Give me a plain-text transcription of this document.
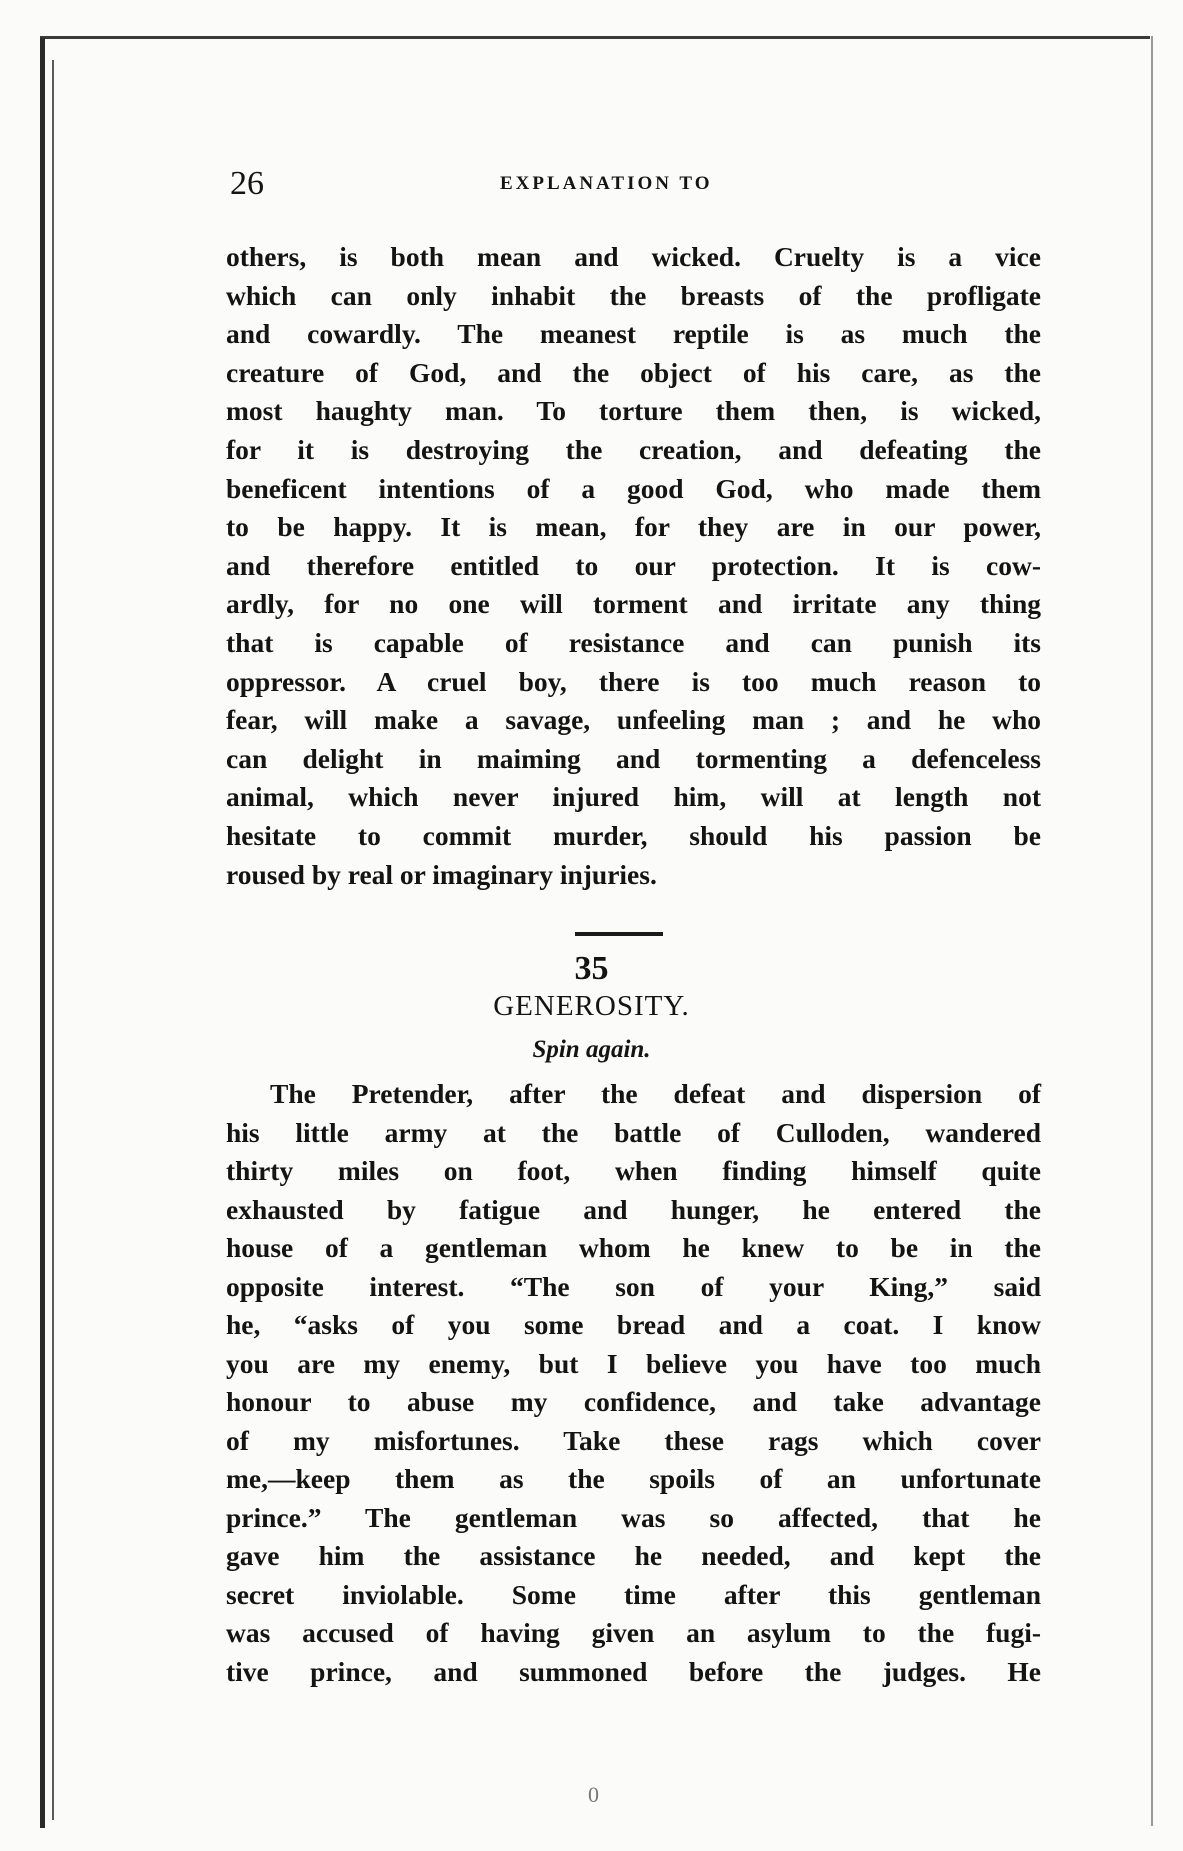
26	EXPLANATION TO
others, is both mean and wicked. Cruelty is a vice
which can only inhabit the breasts of the profligate
and cowardly. The meanest reptile is as much the
creature of God, and the object of his care, as the
most haughty man. To torture them then, is wicked,
for it is destroying the creation, and defeating the
beneficent intentions of a good God, who made them
to be happy. It is mean, for they are in our power,
and therefore entitled to our protection. It is cow-
ardly, for no one will torment and irritate any thing
that is capable of resistance and can punish its
oppressor. A cruel boy, there is too much reason to
fear, will make a savage, unfeeling man ; and he who
can delight in maiming and tormenting a defenceless
animal, which never injured him, will at length not
hesitate to commit murder, should his passion be
roused by real or imaginary injuries.
35
GENEROSITY.
Spin again.
The Pretender, after the defeat and dispersion of
his little army at the battle of Culloden, wandered
thirty miles on foot, when finding himself quite
exhausted by fatigue and hunger, he entered the
house of a gentleman whom he knew to be in the
opposite interest. “The son of your King,” said
he, “asks of you some bread and a coat. I know
you are my enemy, but I believe you have too much
honour to abuse my confidence, and take advantage
of my misfortunes. Take these rags which cover
me,—keep them as the spoils of an unfortunate
prince.” The gentleman was so affected, that he
gave him the assistance he needed, and kept the
secret inviolable. Some time after this gentleman
was accused of having given an asylum to the fugi-
tive prince, and summoned before the judges. He
0
